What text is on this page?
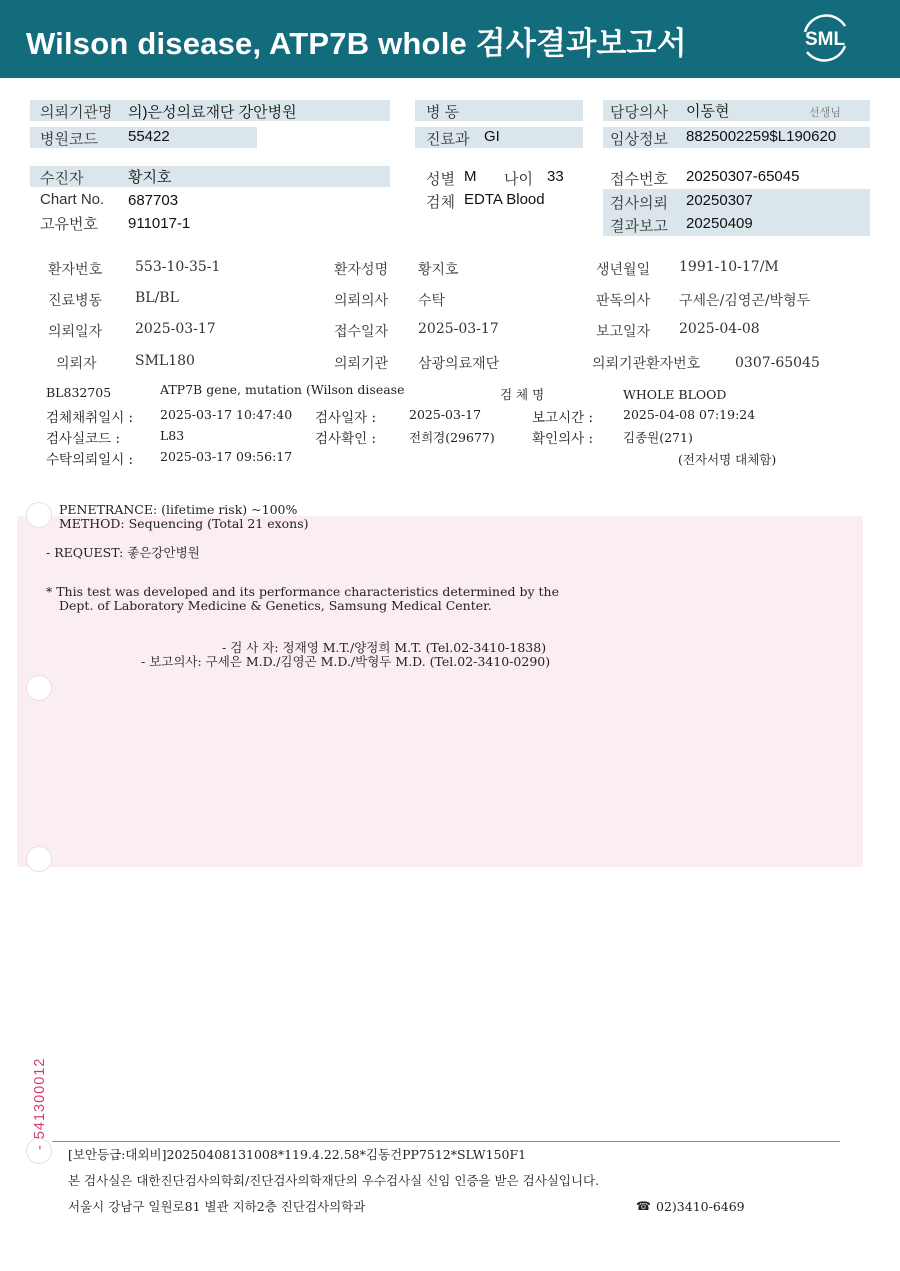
Wilson disease, ATP7B whole 검사결과보고서	SML
의뢰기관명 의)은성의료재단 강안병원
병원코드 55422
병 동
진료과 GI
담당의사 이동현	선생님
임상정보 8825002259$L190620
수진자	황지호
Chart No. 687703
고유번호 911017-1
성별 M 나이 33
검체 EDTA Blood
접수번호 20250307-65045
검사의뢰 20250307
결과보고 20250409
환자번호 553-10-35-1	환자성명 황지호	생년월일 1991-10-17/M
진료병동 BL/BL	의뢰의사 수탁	판독의사 구세은/김영곤/박형두
의뢰일자 2025-03-17	접수일자 2025-03-17	보고일자 2025-04-08
의뢰자	SML180	의뢰기관 삼광의료재단	의뢰기관환자번호 0307-65045
BL832705	ATP7B gene, mutation (Wilson disease	검 체 명	WHOLE BLOOD
검체채취일시 : 2025-03-17 10:47:40 검사일자 :	2025-03-17	보고시간 : 2025-04-08 07:19:24
검사실코드 :	L83	검사확인 :	전희경(29677)	확인의사 : 김종원(271)
수탁의뢰일시 : 2025-03-17 09:56:17	(전자서명 대체함)
PENETRANCE: (lifetime risk) ~100%
METHOD: Sequencing (Total 21 exons)
- REQUEST: 좋은강안병원
* This test was developed and its performance characteristics determined by the
Dept. of Laboratory Medicine & Genetics, Samsung Medical Center.
- 검 사 자: 정재영 M.T./양정희 M.T. (Tel.02-3410-1838)
- 보고의사: 구세은 M.D./김영곤 M.D./박형두 M.D. (Tel.02-3410-0290)
- 541300012
[보안등급:대외비]20250408131008*119.4.22.58*김동건PP7512*SLW150F1
본 검사실은 대한진단검사의학회/진단검사의학재단의 우수검사실 신임 인증을 받은 검사실입니다.
서울시 강남구 일원로81 별관 지하2층 진단검사의학과	☎ 02)3410-6469
